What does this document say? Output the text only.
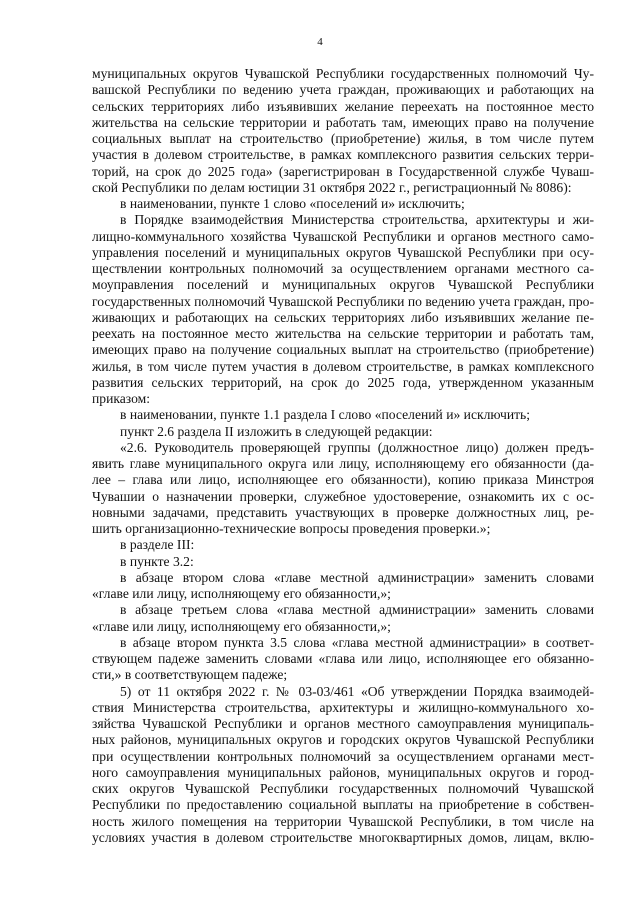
4
муниципальных округов Чувашской Республики государственных полномочий Чу-
вашской Республики по ведению учета граждан, проживающих и работающих на
сельских территориях либо изъявивших желание переехать на постоянное место
жительства на сельские территории и работать там, имеющих право на получение
социальных выплат на строительство (приобретение) жилья, в том числе путем
участия в долевом строительстве, в рамках комплексного развития сельских терри-
торий, на срок до 2025 года» (зарегистрирован в Государственной службе Чуваш-
ской Республики по делам юстиции 31 октября 2022 г., регистрационный № 8086):
в наименовании, пункте 1 слово «поселений и» исключить;
в Порядке взаимодействия Министерства строительства, архитектуры и жи-
лищно-коммунального хозяйства Чувашской Республики и органов местного само-
управления поселений и муниципальных округов Чувашской Республики при осу-
ществлении контрольных полномочий за осуществлением органами местного са-
моуправления поселений и муниципальных округов Чувашской Республики
государственных полномочий Чувашской Республики по ведению учета граждан, про-
живающих и работающих на сельских территориях либо изъявивших желание пе-
реехать на постоянное место жительства на сельские территории и работать там,
имеющих право на получение социальных выплат на строительство (приобретение)
жилья, в том числе путем участия в долевом строительстве, в рамках комплексного
развития сельских территорий, на срок до 2025 года, утвержденном указанным
приказом:
в наименовании, пункте 1.1 раздела I слово «поселений и» исключить;
пункт 2.6 раздела II изложить в следующей редакции:
«2.6. Руководитель проверяющей группы (должностное лицо) должен предъ-
явить главе муниципального округа или лицу, исполняющему его обязанности (да-
лее – глава или лицо, исполняющее его обязанности), копию приказа Минстроя
Чувашии о назначении проверки, служебное удостоверение, ознакомить их с ос-
новными задачами, представить участвующих в проверке должностных лиц, ре-
шить организационно-технические вопросы проведения проверки.»;
в разделе III:
в пункте 3.2:
в абзаце втором слова «главе местной администрации» заменить словами
«главе или лицу, исполняющему его обязанности,»;
в абзаце третьем слова «глава местной администрации» заменить словами
«главе или лицу, исполняющему его обязанности,»;
в абзаце втором пункта 3.5 слова «глава местной администрации» в соответ-
ствующем падеже заменить словами «глава или лицо, исполняющее его обязанно-
сти,» в соответствующем падеже;
5) от 11 октября 2022 г. № 03-03/461 «Об утверждении Порядка взаимодей-
ствия Министерства строительства, архитектуры и жилищно-коммунального хо-
зяйства Чувашской Республики и органов местного самоуправления муниципаль-
ных районов, муниципальных округов и городских округов Чувашской Республики
при осуществлении контрольных полномочий за осуществлением органами мест-
ного самоуправления муниципальных районов, муниципальных округов и город-
ских округов Чувашской Республики государственных полномочий Чувашской
Республики по предоставлению социальной выплаты на приобретение в собствен-
ность жилого помещения на территории Чувашской Республики, в том числе на
условиях участия в долевом строительстве многоквартирных домов, лицам, вклю-
